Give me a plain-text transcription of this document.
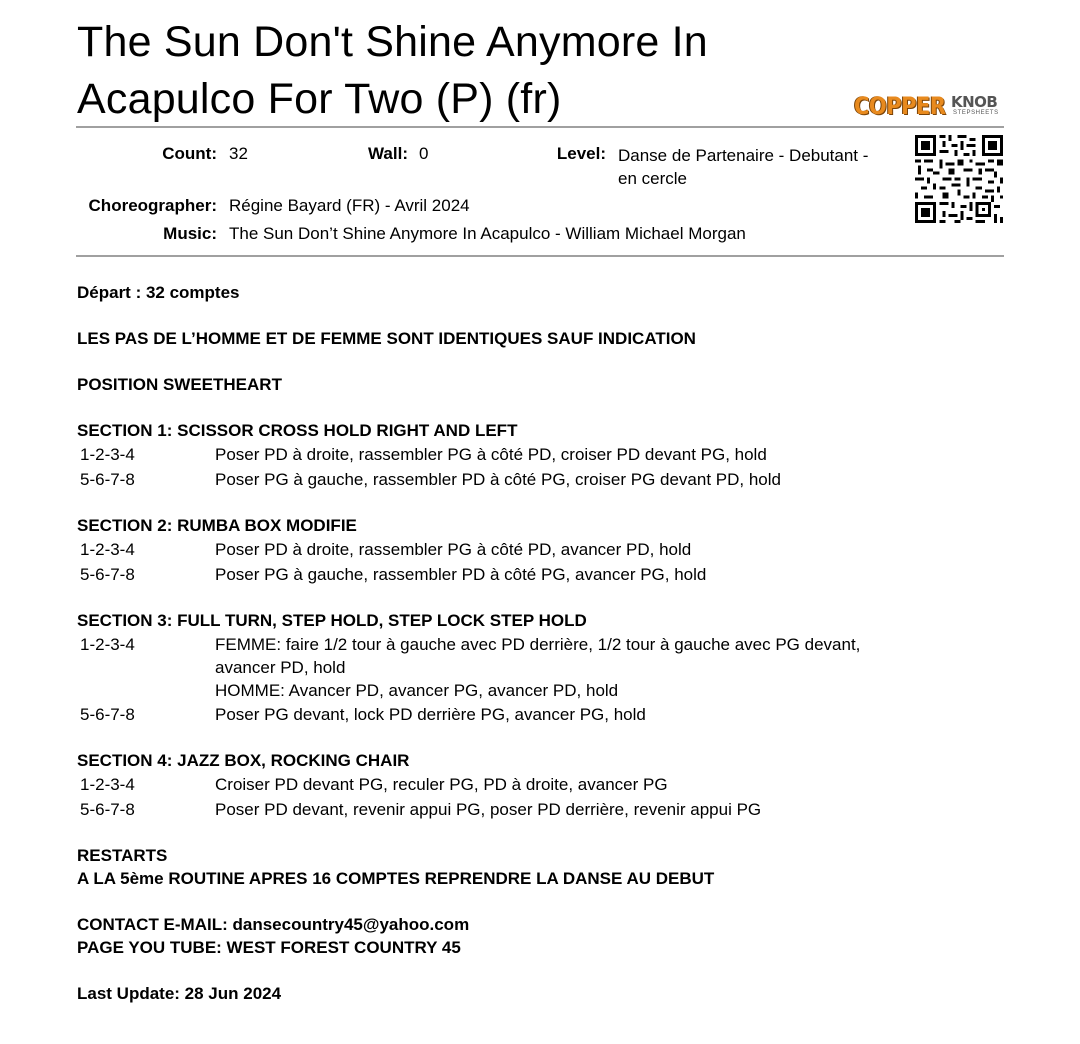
The Sun Don't Shine Anymore In
Acapulco For Two (P) (fr)	COPPER KNOB
STEPSHEETS
Count: 32	Wall: 0	Level: Danse de Partenaire - Debutant -
en cercle
Choreographer: Régine Bayard (FR) - Avril 2024
Music: The Sun Don’t Shine Anymore In Acapulco - William Michael Morgan
Départ : 32 comptes
LES PAS DE L’HOMME ET DE FEMME SONT IDENTIQUES SAUF INDICATION
POSITION SWEETHEART
SECTION 1: SCISSOR CROSS HOLD RIGHT AND LEFT
1-2-3-4	Poser PD à droite, rassembler PG à côté PD, croiser PD devant PG, hold
5-6-7-8	Poser PG à gauche, rassembler PD à côté PG, croiser PG devant PD, hold
SECTION 2: RUMBA BOX MODIFIE
1-2-3-4	Poser PD à droite, rassembler PG à côté PD, avancer PD, hold
5-6-7-8	Poser PG à gauche, rassembler PD à côté PG, avancer PG, hold
SECTION 3: FULL TURN, STEP HOLD, STEP LOCK STEP HOLD
1-2-3-4	FEMME: faire 1/2 tour à gauche avec PD derrière, 1/2 tour à gauche avec PG devant,
avancer PD, hold
HOMME: Avancer PD, avancer PG, avancer PD, hold
5-6-7-8	Poser PG devant, lock PD derrière PG, avancer PG, hold
SECTION 4: JAZZ BOX, ROCKING CHAIR
1-2-3-4	Croiser PD devant PG, reculer PG, PD à droite, avancer PG
5-6-7-8	Poser PD devant, revenir appui PG, poser PD derrière, revenir appui PG
RESTARTS
A LA 5ème ROUTINE APRES 16 COMPTES REPRENDRE LA DANSE AU DEBUT
CONTACT E-MAIL: dansecountry45@yahoo.com
PAGE YOU TUBE: WEST FOREST COUNTRY 45
Last Update: 28 Jun 2024
